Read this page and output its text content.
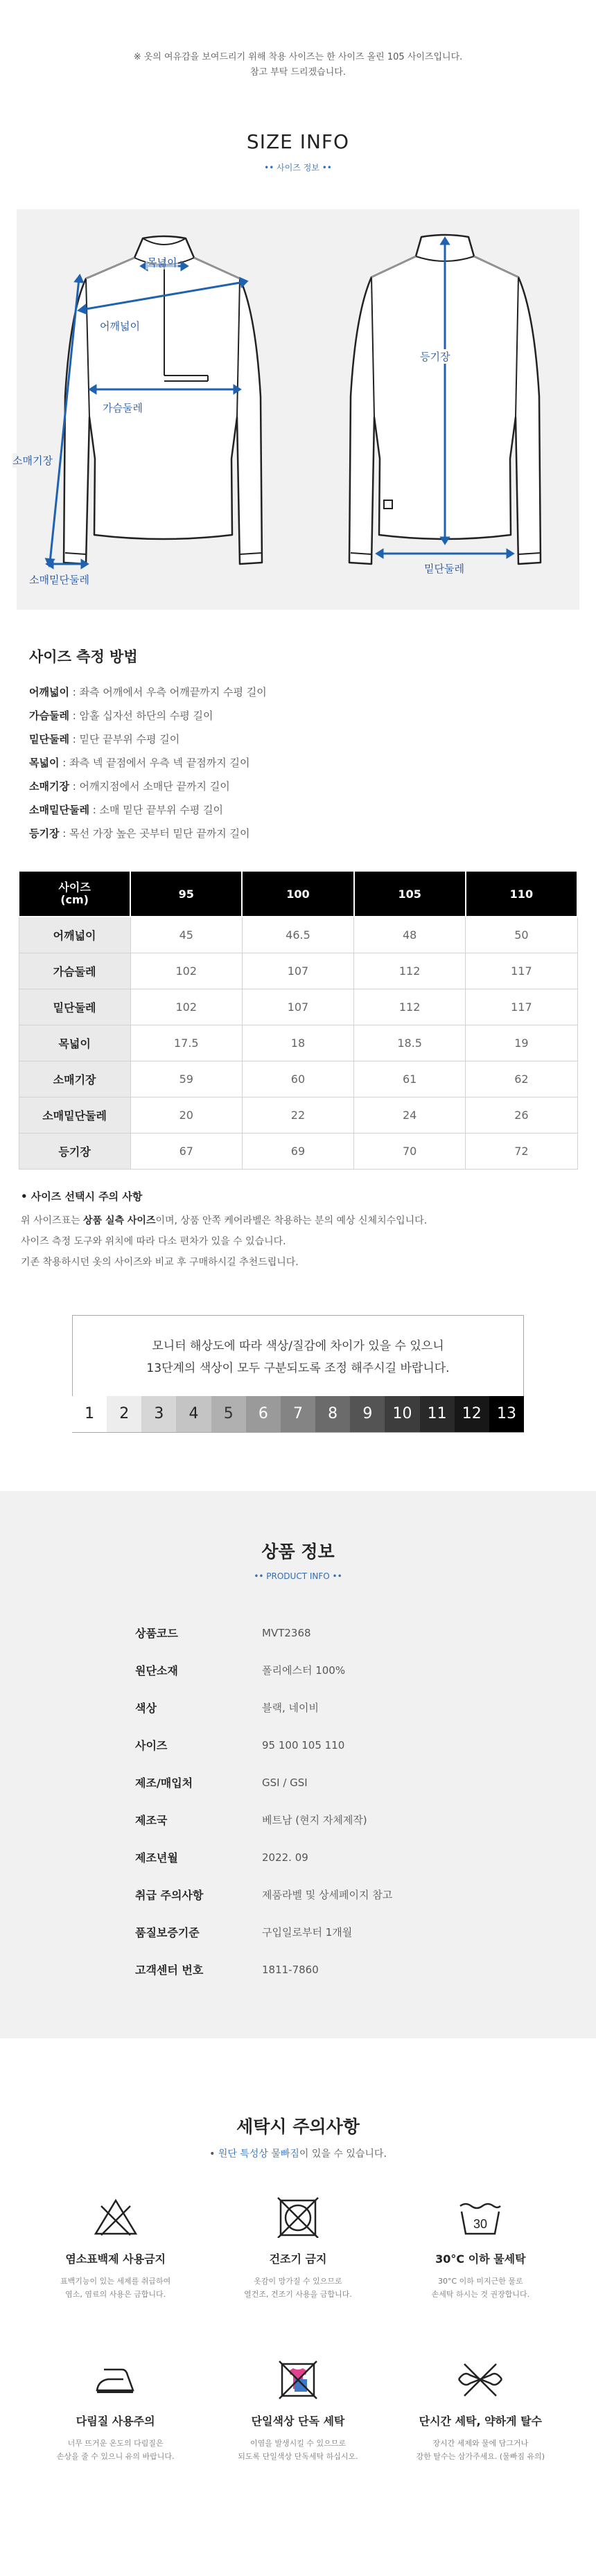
※ 옷의 여유감을 보여드리기 위해 착용 사이즈는 한 사이즈 올린 105 사이즈입니다.
참고 부탁 드리겠습니다.
SIZE INFO
•• 사이즈 정보 ••
목넓이
어깨넓이
가슴둘레
소매기장
소매밑단둘레
등기장
밑단둘레
사이즈 측정 방법
어깨넓이 : 좌측 어깨에서 우측 어깨끝까지 수평 길이
가슴둘레 : 암홀 십자선 하단의 수평 길이
밑단둘레 : 밑단 끝부위 수평 길이
목넓이 : 좌측 넥 끝점에서 우측 넥 끝점까지 길이
소매기장 : 어깨지점에서 소매단 끝까지 길이
소매밑단둘레 : 소매 밑단 끝부위 수평 길이
등기장 : 목선 가장 높은 곳부터 밑단 끝까지 길이
사이즈
(cm)	95	100	105	110
어깨넓이	45	46.5	48	50
가슴둘레	102	107	112	117
밑단둘레	102	107	112	117
목넓이	17.5	18	18.5	19
소매기장	59	60	61	62
소매밑단둘레	20	22	24	26
등기장	67	69	70	72
• 사이즈 선택시 주의 사항

위 사이즈표는 상품 실측 사이즈이며, 상품 안쪽 케어라벨은 착용하는 분의 예상 신체치수입니다.

사이즈 측정 도구와 위치에 따라 다소 편차가 있을 수 있습니다.

기존 착용하시던 옷의 사이즈와 비교 후 구매하시길 추천드립니다.

모니터 해상도에 따라 색상/질감에 차이가 있을 수 있으니
13단계의 색상이 모두 구분되도록 조정 해주시길 바랍니다.
1	2	3	4	5	6	7	8	9	10	11	12	13
상품 정보
•• PRODUCT INFO ••
상품코드	MVT2368
원단소재	폴리에스터 100%
색상	블랙, 네이비
사이즈	95 100 105 110
제조/매입처	GSI / GSI
제조국	베트남 (현지 자체제작)
제조년월	2022. 09
취급 주의사항	제품라벨 및 상세페이지 참고
품질보증기준	구입일로부터 1개월
고객센터 번호	1811-7860
세탁시 주의사항
• 원단 특성상 물빠짐이 있을 수 있습니다.
염소표백제 사용금지
표백기능이 있는 세제를 취급하여
염소, 염료의 사용은 금합니다.
건조기 금지
옷감이 망가질 수 있으므로
열건조, 건조기 사용을 금합니다.
30
30°C 이하 물세탁
30°C 이하 미지근한 물로
손세탁 하시는 것 권장합니다.
다림질 사용주의
너무 뜨거운 온도의 다림질은
손상을 줄 수 있으니 유의 바랍니다.
단일색상 단독 세탁
이염을 발생시킬 수 있으므로
되도록 단일색상 단독세탁 하십시오.
단시간 세탁, 약하게 탈수
장시간 세제와 물에 담그거나
강한 탈수는 삼가주세요. (물빠짐 유의)
